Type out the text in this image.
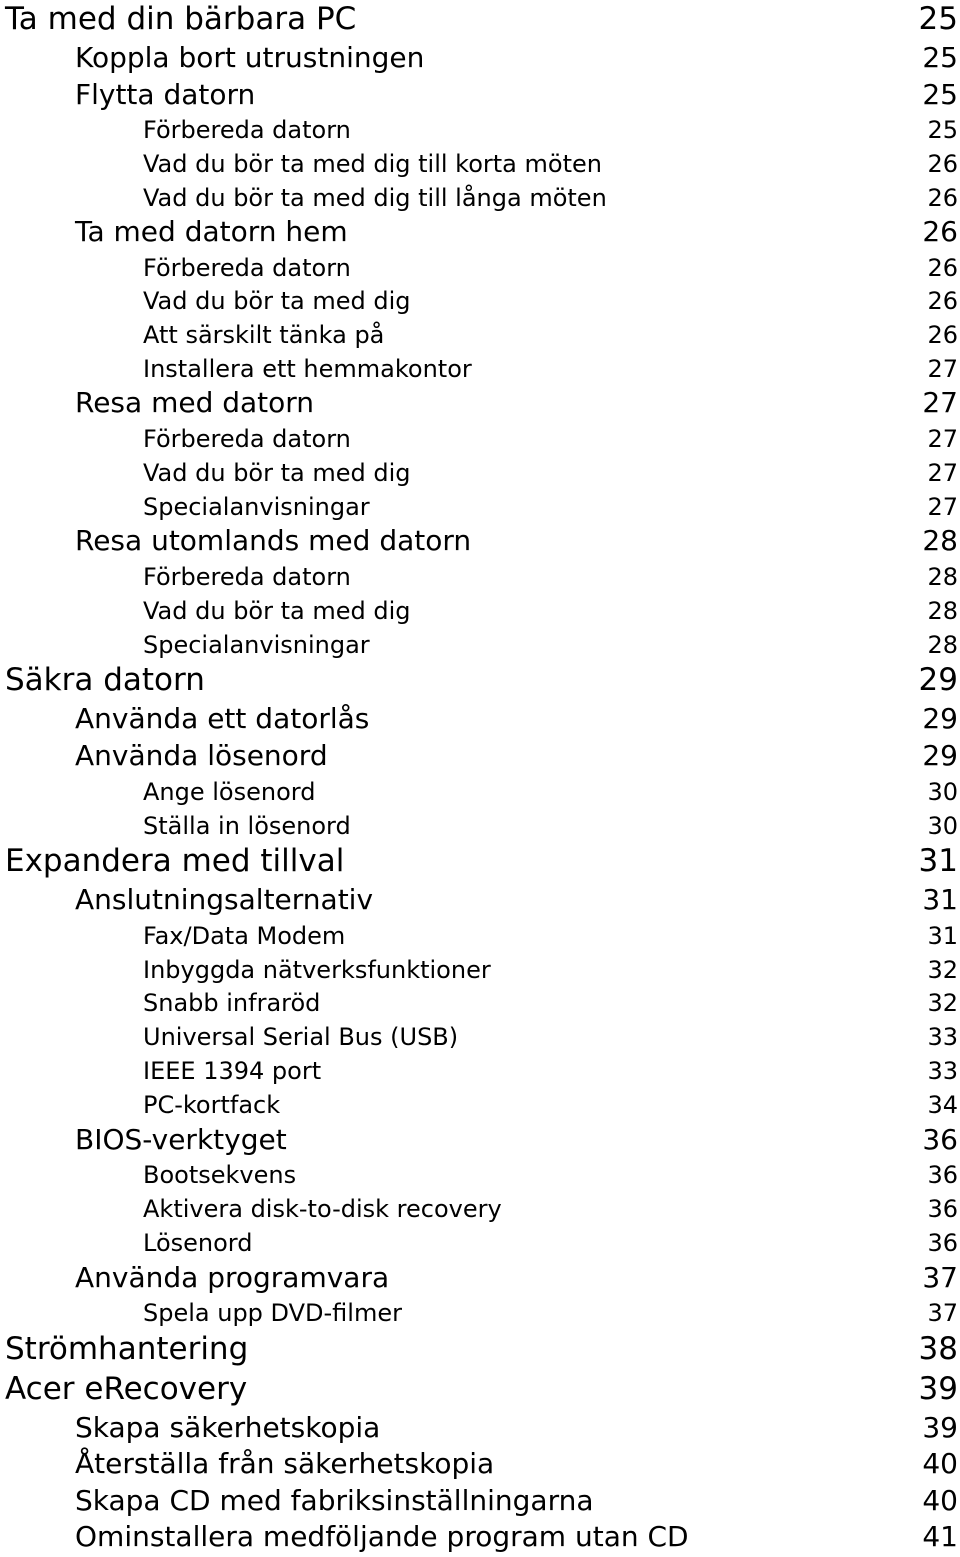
Ta med din bärbara PC	25
Koppla bort utrustningen	25
Flytta datorn	25
Förbereda datorn	25
Vad du bör ta med dig till korta möten	26
Vad du bör ta med dig till långa möten	26
Ta med datorn hem	26
Förbereda datorn	26
Vad du bör ta med dig	26
Att särskilt tänka på	26
Installera ett hemmakontor	27
Resa med datorn	27
Förbereda datorn	27
Vad du bör ta med dig	27
Specialanvisningar	27
Resa utomlands med datorn	28
Förbereda datorn	28
Vad du bör ta med dig	28
Specialanvisningar	28
Säkra datorn	29
Använda ett datorlås	29
Använda lösenord	29
Ange lösenord	30
Ställa in lösenord	30
Expandera med tillval	31
Anslutningsalternativ	31
Fax/Data Modem	31
Inbyggda nätverksfunktioner	32
Snabb infraröd	32
Universal Serial Bus (USB)	33
IEEE 1394 port	33
PC-kortfack	34
BIOS-verktyget	36
Bootsekvens	36
Aktivera disk-to-disk recovery	36
Lösenord	36
Använda programvara	37
Spela upp DVD-filmer	37
Strömhantering	38
Acer eRecovery	39
Skapa säkerhetskopia	39
Återställa från säkerhetskopia	40
Skapa CD med fabriksinställningarna	40
Ominstallera medföljande program utan CD	41
